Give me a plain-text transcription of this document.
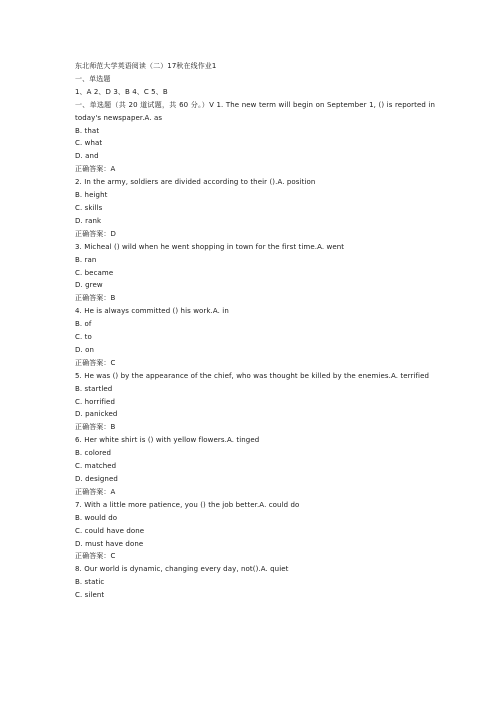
东北师范大学英语阅读（二）17秋在线作业1
一、单选题
1、A 2、D 3、B 4、C 5、B
一、单选题（共 20 道试题，共 60 分。）V 1. The new term will begin on September 1, () is reported in today's newspaper.A. as
B. that
C. what
D. and
正确答案：A
2. In the army, soldiers are divided according to their ().A. position
B. height
C. skills
D. rank
正确答案：D
3. Micheal () wild when he went shopping in town for the first time.A. went
B. ran
C. became
D. grew
正确答案：B
4. He is always committed () his work.A. in
B. of
C. to
D. on
正确答案：C
5. He was () by the appearance of the chief, who was thought be killed by the enemies.A. terrified
B. startled
C. horrified
D. panicked
正确答案：B
6. Her white shirt is () with yellow flowers.A. tinged
B. colored
C. matched
D. designed
正确答案：A
7. With a little more patience, you () the job better.A. could do
B. would do
C. could have done
D. must have done
正确答案：C
8. Our world is dynamic, changing every day, not().A. quiet
B. static
C. silent
